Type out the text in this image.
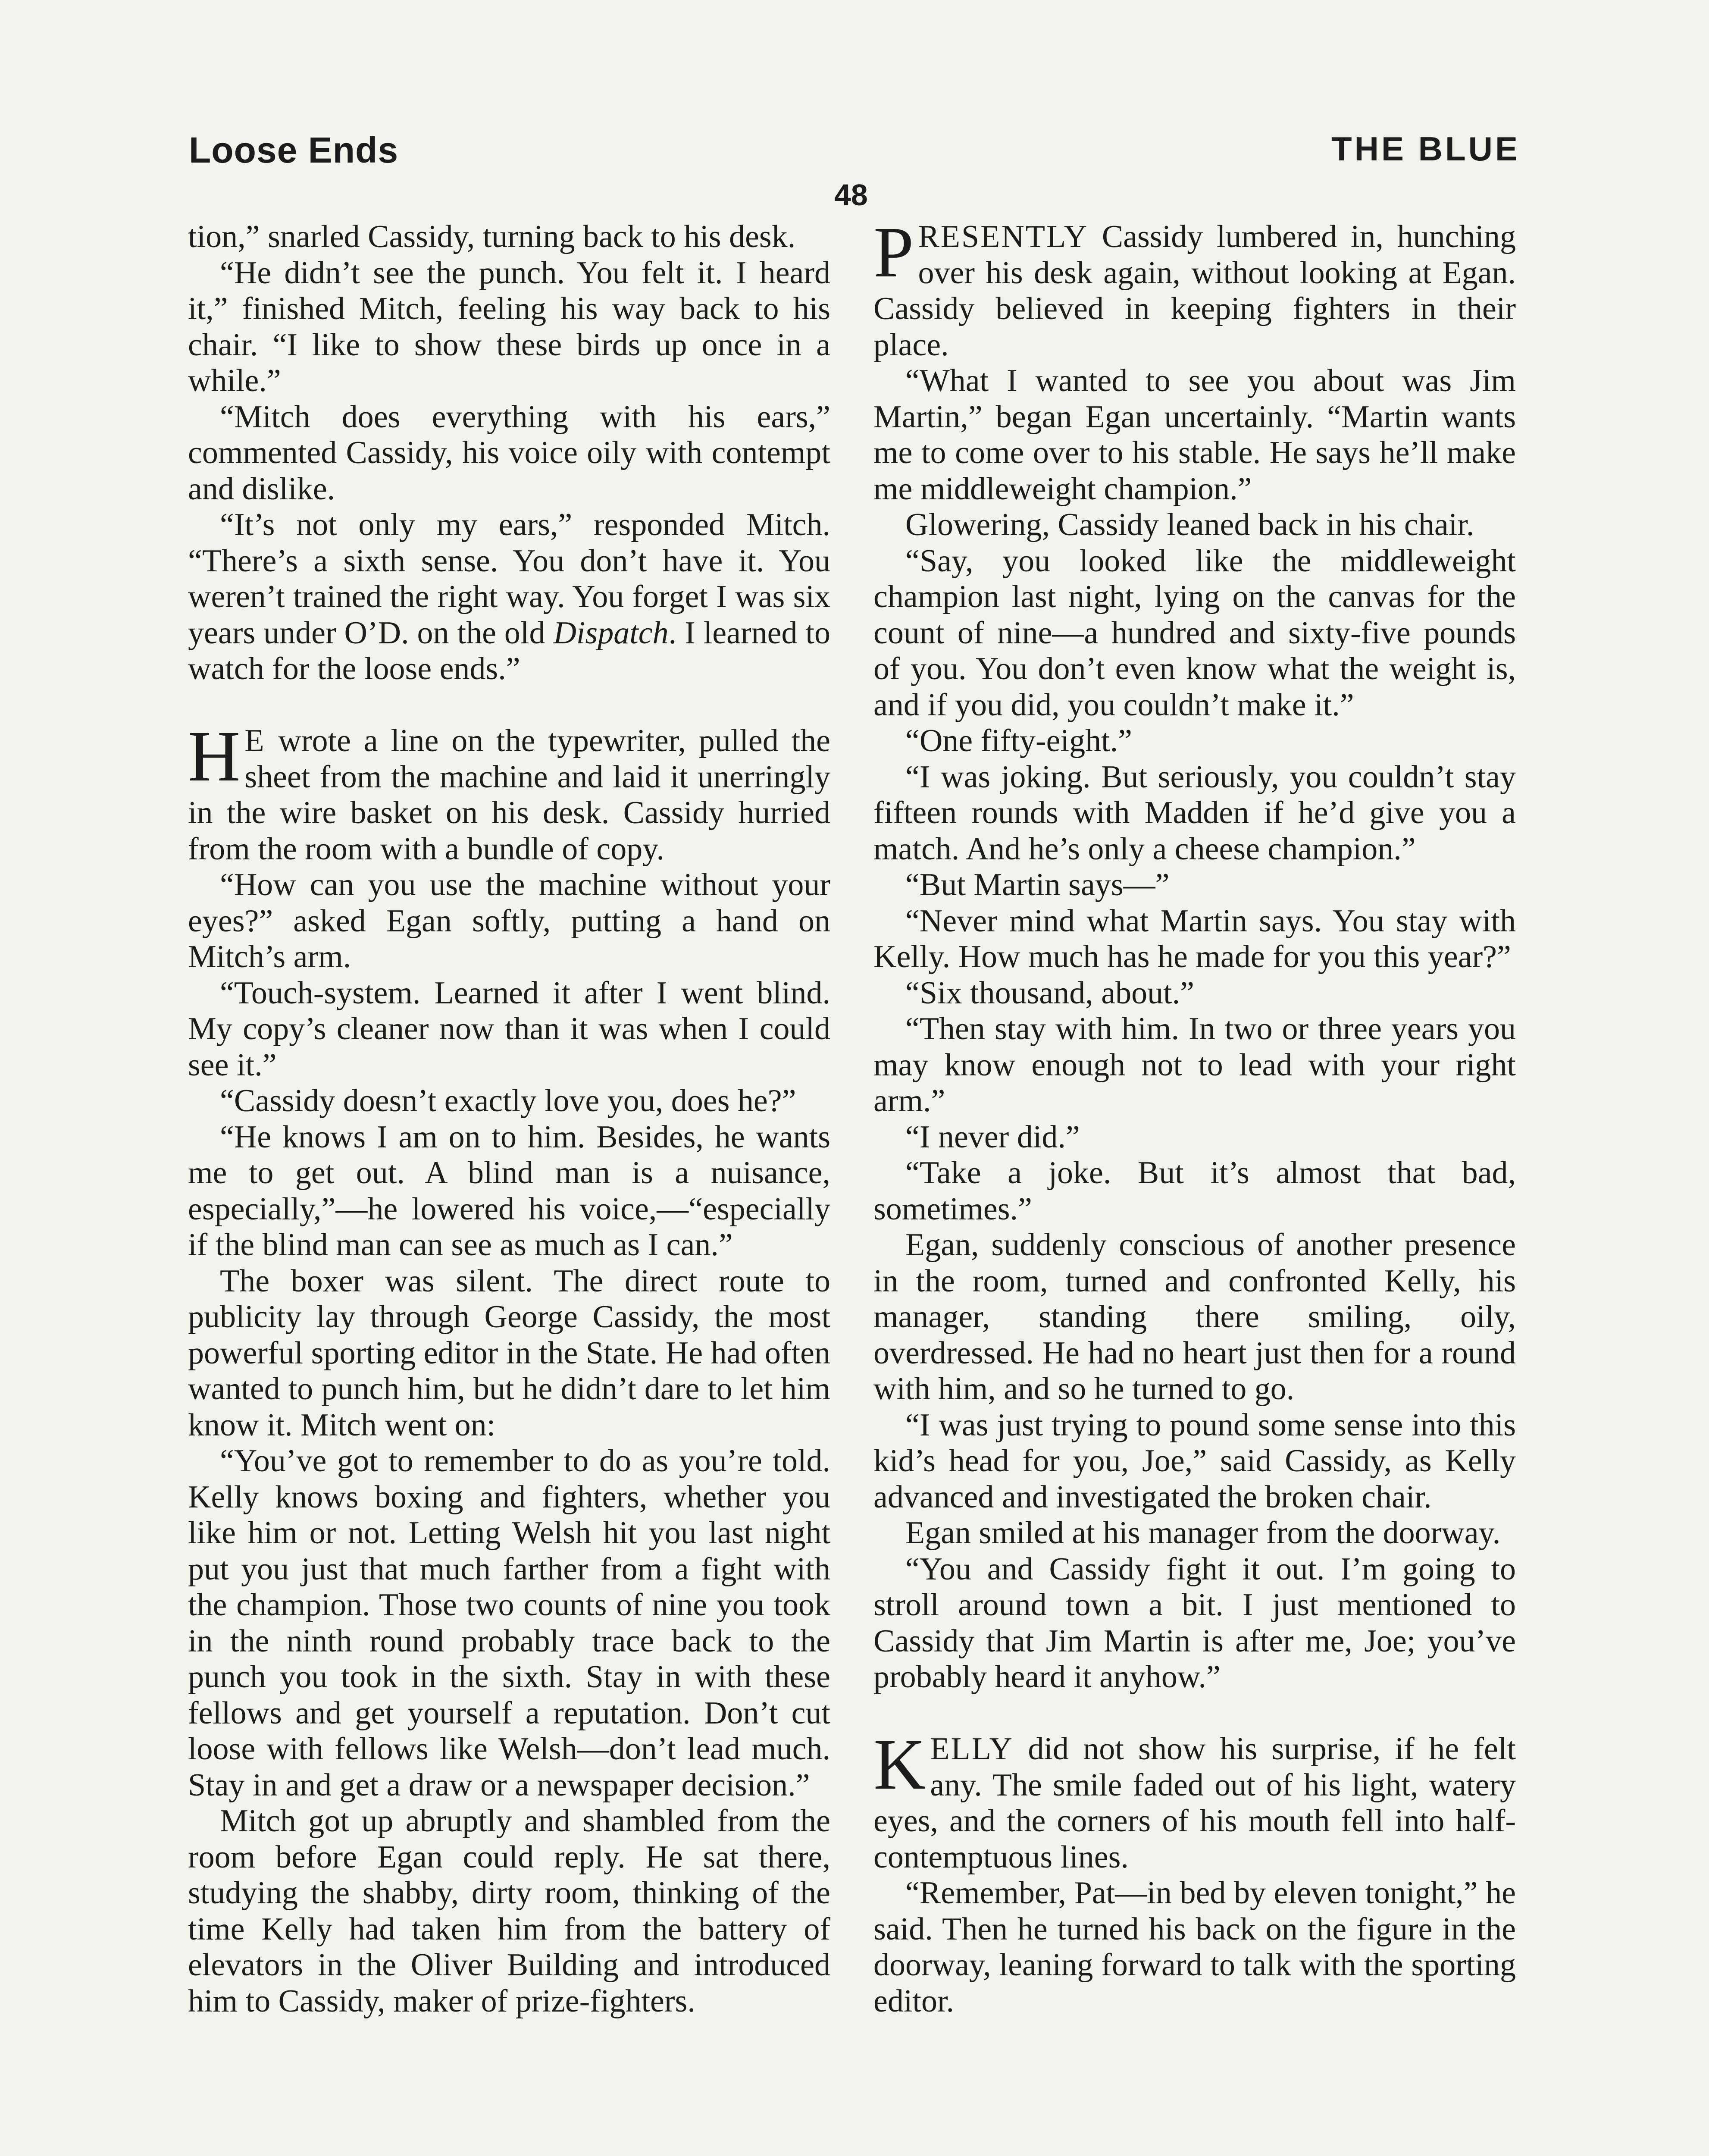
Loose Ends	THE BLUE
48

tion,” snarled Cassidy, turning back to his desk.

“He didn’t see the punch. You felt it. I heard it,” finished Mitch, feeling his way back to his chair. “I like to show these birds up once in a while.”

“Mitch does everything with his ears,” commented Cassidy, his voice oily with contempt and dislike.

“It’s not only my ears,” responded Mitch. “There’s a sixth sense. You don’t have it. You weren’t trained the right way. You forget I was six years under O’D. on the old Dispatch. I learned to watch for the loose ends.”

H E wrote a line on the typewriter, pulled the sheet from the machine and laid it unerringly in the wire basket on his desk. Cassidy hurried from the room with a bundle of copy.

“How can you use the machine without your eyes?” asked Egan softly, putting a hand on Mitch’s arm.

“Touch-system. Learned it after I went blind. My copy’s cleaner now than it was when I could see it.”

“Cassidy doesn’t exactly love you, does he?”

“He knows I am on to him. Besides, he wants me to get out. A blind man is a nuisance, especially,”—he lowered his voice,—“especially if the blind man can see as much as I can.”

The boxer was silent. The direct route to publicity lay through George Cassidy, the most powerful sporting editor in the State. He had often wanted to punch him, but he didn’t dare to let him know it. Mitch went on:

“You’ve got to remember to do as you’re told. Kelly knows boxing and fighters, whether you like him or not. Letting Welsh hit you last night put you just that much farther from a fight with the champion. Those two counts of nine you took in the ninth round probably trace back to the punch you took in the sixth. Stay in with these fellows and get yourself a reputation. Don’t cut loose with fellows like Welsh—don’t lead much. Stay in and get a draw or a newspaper decision.”

Mitch got up abruptly and shambled from the room before Egan could reply. He sat there, studying the shabby, dirty room, thinking of the time Kelly had taken him from the battery of elevators in the Oliver Building and introduced him to Cassidy, maker of prize-fighters.

PRESENTLY Cassidy lumbered in, hunching over his desk again, without looking at Egan. Cassidy believed in keeping fighters in their place.

“What I wanted to see you about was Jim Martin,” began Egan uncertainly. “Martin wants me to come over to his stable. He says he’ll make me middleweight champion.”

Glowering, Cassidy leaned back in his chair.

“Say, you looked like the middleweight champion last night, lying on the canvas for the count of nine—a hundred and sixty-five pounds of you. You don’t even know what the weight is, and if you did, you couldn’t make it.”

“One fifty-eight.”

“I was joking. But seriously, you couldn’t stay fifteen rounds with Madden if he’d give you a match. And he’s only a cheese champion.”

“But Martin says—”

“Never mind what Martin says. You stay with Kelly. How much has he made for you this year?”

“Six thousand, about.”

“Then stay with him. In two or three years you may know enough not to lead with your right arm.”

“I never did.”

“Take a joke. But it’s almost that bad, sometimes.”

Egan, suddenly conscious of another presence in the room, turned and confronted Kelly, his manager, standing there smiling, oily, overdressed. He had no heart just then for a round with him, and so he turned to go.

“I was just trying to pound some sense into this kid’s head for you, Joe,” said Cassidy, as Kelly advanced and investigated the broken chair.

Egan smiled at his manager from the doorway.

“You and Cassidy fight it out. I’m going to stroll around town a bit. I just mentioned to Cassidy that Jim Martin is after me, Joe; you’ve probably heard it anyhow.”

KELLY did not show his surprise, if he felt any. The smile faded out of his light, watery eyes, and the corners of his mouth fell into half-contemptuous lines.

“Remember, Pat—in bed by eleven tonight,” he said. Then he turned his back on the figure in the doorway, leaning forward to talk with the sporting editor.
